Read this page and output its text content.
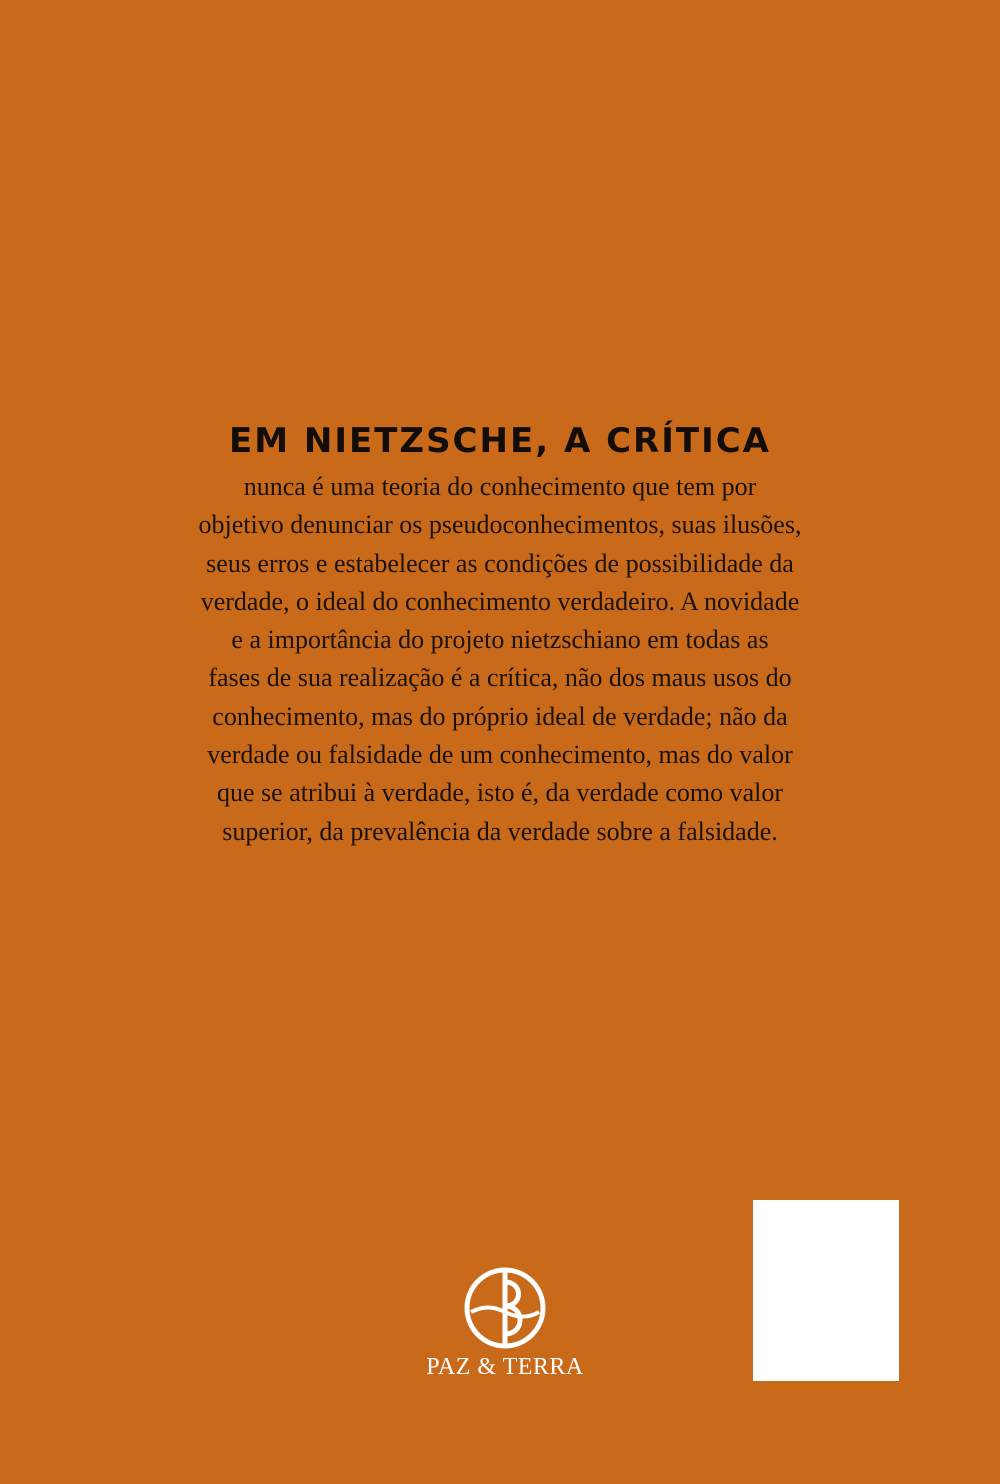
EM NIETZSCHE, A CRÍTICA

nunca é uma teoria do conhecimento que tem por
objetivo denunciar os pseudoconhecimentos, suas ilusões,
seus erros e estabelecer as condições de possibilidade da
verdade, o ideal do conhecimento verdadeiro. A novidade
e a importância do projeto nietzschiano em todas as
fases de sua realização é a crítica, não dos maus usos do
conhecimento, mas do próprio ideal de verdade; não da
verdade ou falsidade de um conhecimento, mas do valor
que se atribui à verdade, isto é, da verdade como valor
superior, da prevalência da verdade sobre a falsidade.

PAZ & TERRA
